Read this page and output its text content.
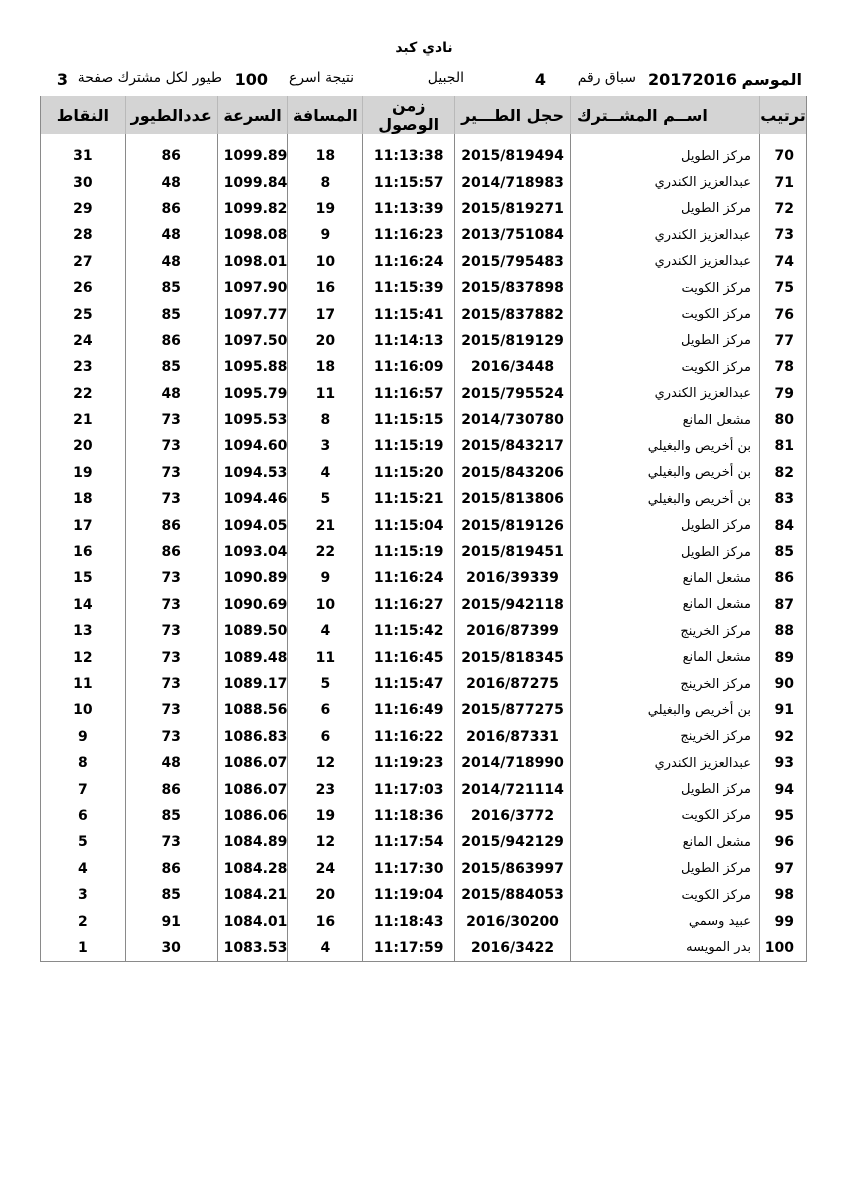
نادي كبد
الموسم
20172016
سباق رقم
4
الجبيل
نتيجة اسرع
100
طيور لكل مشترك صفحة
3
ترتيب	اســم المشــترك	حجل الطـــير	زمن الوصول	المسافة	السرعة	عددالطيور	النقاط

70	مركز الطويل	2015/819494	11:13:38	18	1099.89	86	31
71	عبدالعزيز الكندري	2014/718983	11:15:57	8	1099.84	48	30
72	مركز الطويل	2015/819271	11:13:39	19	1099.82	86	29
73	عبدالعزيز الكندري	2013/751084	11:16:23	9	1098.08	48	28
74	عبدالعزيز الكندري	2015/795483	11:16:24	10	1098.01	48	27
75	مركز الكويت	2015/837898	11:15:39	16	1097.90	85	26
76	مركز الكويت	2015/837882	11:15:41	17	1097.77	85	25
77	مركز الطويل	2015/819129	11:14:13	20	1097.50	86	24
78	مركز الكويت	2016/3448	11:16:09	18	1095.88	85	23
79	عبدالعزيز الكندري	2015/795524	11:16:57	11	1095.79	48	22
80	مشعل المانع	2014/730780	11:15:15	8	1095.53	73	21
81	بن أخريص والبغيلي	2015/843217	11:15:19	3	1094.60	73	20
82	بن أخريص والبغيلي	2015/843206	11:15:20	4	1094.53	73	19
83	بن أخريص والبغيلي	2015/813806	11:15:21	5	1094.46	73	18
84	مركز الطويل	2015/819126	11:15:04	21	1094.05	86	17
85	مركز الطويل	2015/819451	11:15:19	22	1093.04	86	16
86	مشعل المانع	2016/39339	11:16:24	9	1090.89	73	15
87	مشعل المانع	2015/942118	11:16:27	10	1090.69	73	14
88	مركز الخرينج	2016/87399	11:15:42	4	1089.50	73	13
89	مشعل المانع	2015/818345	11:16:45	11	1089.48	73	12
90	مركز الخرينج	2016/87275	11:15:47	5	1089.17	73	11
91	بن أخريص والبغيلي	2015/877275	11:16:49	6	1088.56	73	10
92	مركز الخرينج	2016/87331	11:16:22	6	1086.83	73	9
93	عبدالعزيز الكندري	2014/718990	11:19:23	12	1086.07	48	8
94	مركز الطويل	2014/721114	11:17:03	23	1086.07	86	7
95	مركز الكويت	2016/3772	11:18:36	19	1086.06	85	6
96	مشعل المانع	2015/942129	11:17:54	12	1084.89	73	5
97	مركز الطويل	2015/863997	11:17:30	24	1084.28	86	4
98	مركز الكويت	2015/884053	11:19:04	20	1084.21	85	3
99	عبيد وسمي	2016/30200	11:18:43	16	1084.01	91	2
100	بدر المويسه	2016/3422	11:17:59	4	1083.53	30	1
